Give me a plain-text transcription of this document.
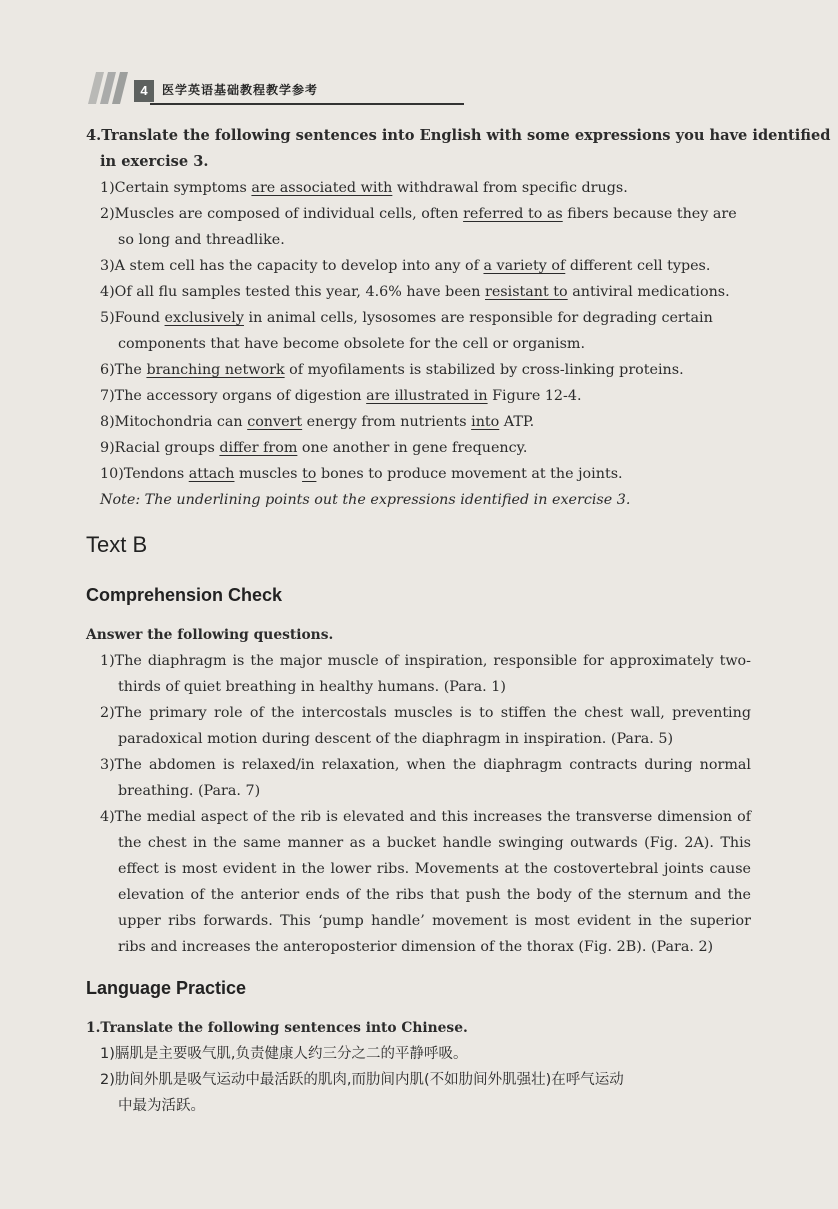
4	医学英语基础教程教学参考
4.Translate the following sentences into English with some expressions you have identified
in exercise 3.
1)Certain symptoms are associated with withdrawal from specific drugs.
2)Muscles are composed of individual cells, often referred to as fibers because they are
so long and threadlike.
3)A stem cell has the capacity to develop into any of a variety of different cell types.
4)Of all flu samples tested this year, 4.6% have been resistant to antiviral medications.
5)Found exclusively in animal cells, lysosomes are responsible for degrading certain
components that have become obsolete for the cell or organism.
6)The branching network of myofilaments is stabilized by cross-linking proteins.
7)The accessory organs of digestion are illustrated in Figure 12-4.
8)Mitochondria can convert energy from nutrients into ATP.
9)Racial groups differ from one another in gene frequency.
10)Tendons attach muscles to bones to produce movement at the joints.
Note: The underlining points out the expressions identified in exercise 3.
Text B
Comprehension Check
Answer the following questions.
1)The diaphragm is the major muscle of inspiration, responsible for approximately two-
thirds of quiet breathing in healthy humans. (Para. 1)
2)The primary role of the intercostals muscles is to stiffen the chest wall, preventing
paradoxical motion during descent of the diaphragm in inspiration. (Para. 5)
3)The abdomen is relaxed/in relaxation, when the diaphragm contracts during normal
breathing. (Para. 7)
4)The medial aspect of the rib is elevated and this increases the transverse dimension of
the chest in the same manner as a bucket handle swinging outwards (Fig. 2A). This
effect is most evident in the lower ribs. Movements at the costovertebral joints cause
elevation of the anterior ends of the ribs that push the body of the sternum and the
upper ribs forwards. This ‘pump handle’ movement is most evident in the superior
ribs and increases the anteroposterior dimension of the thorax (Fig. 2B). (Para. 2)
Language Practice
1.Translate the following sentences into Chinese.
1)膈肌是主要吸气肌,负责健康人约三分之二的平静呼吸。
2)肋间外肌是吸气运动中最活跃的肌肉,而肋间内肌(不如肋间外肌强壮)在呼气运动
中最为活跃。
